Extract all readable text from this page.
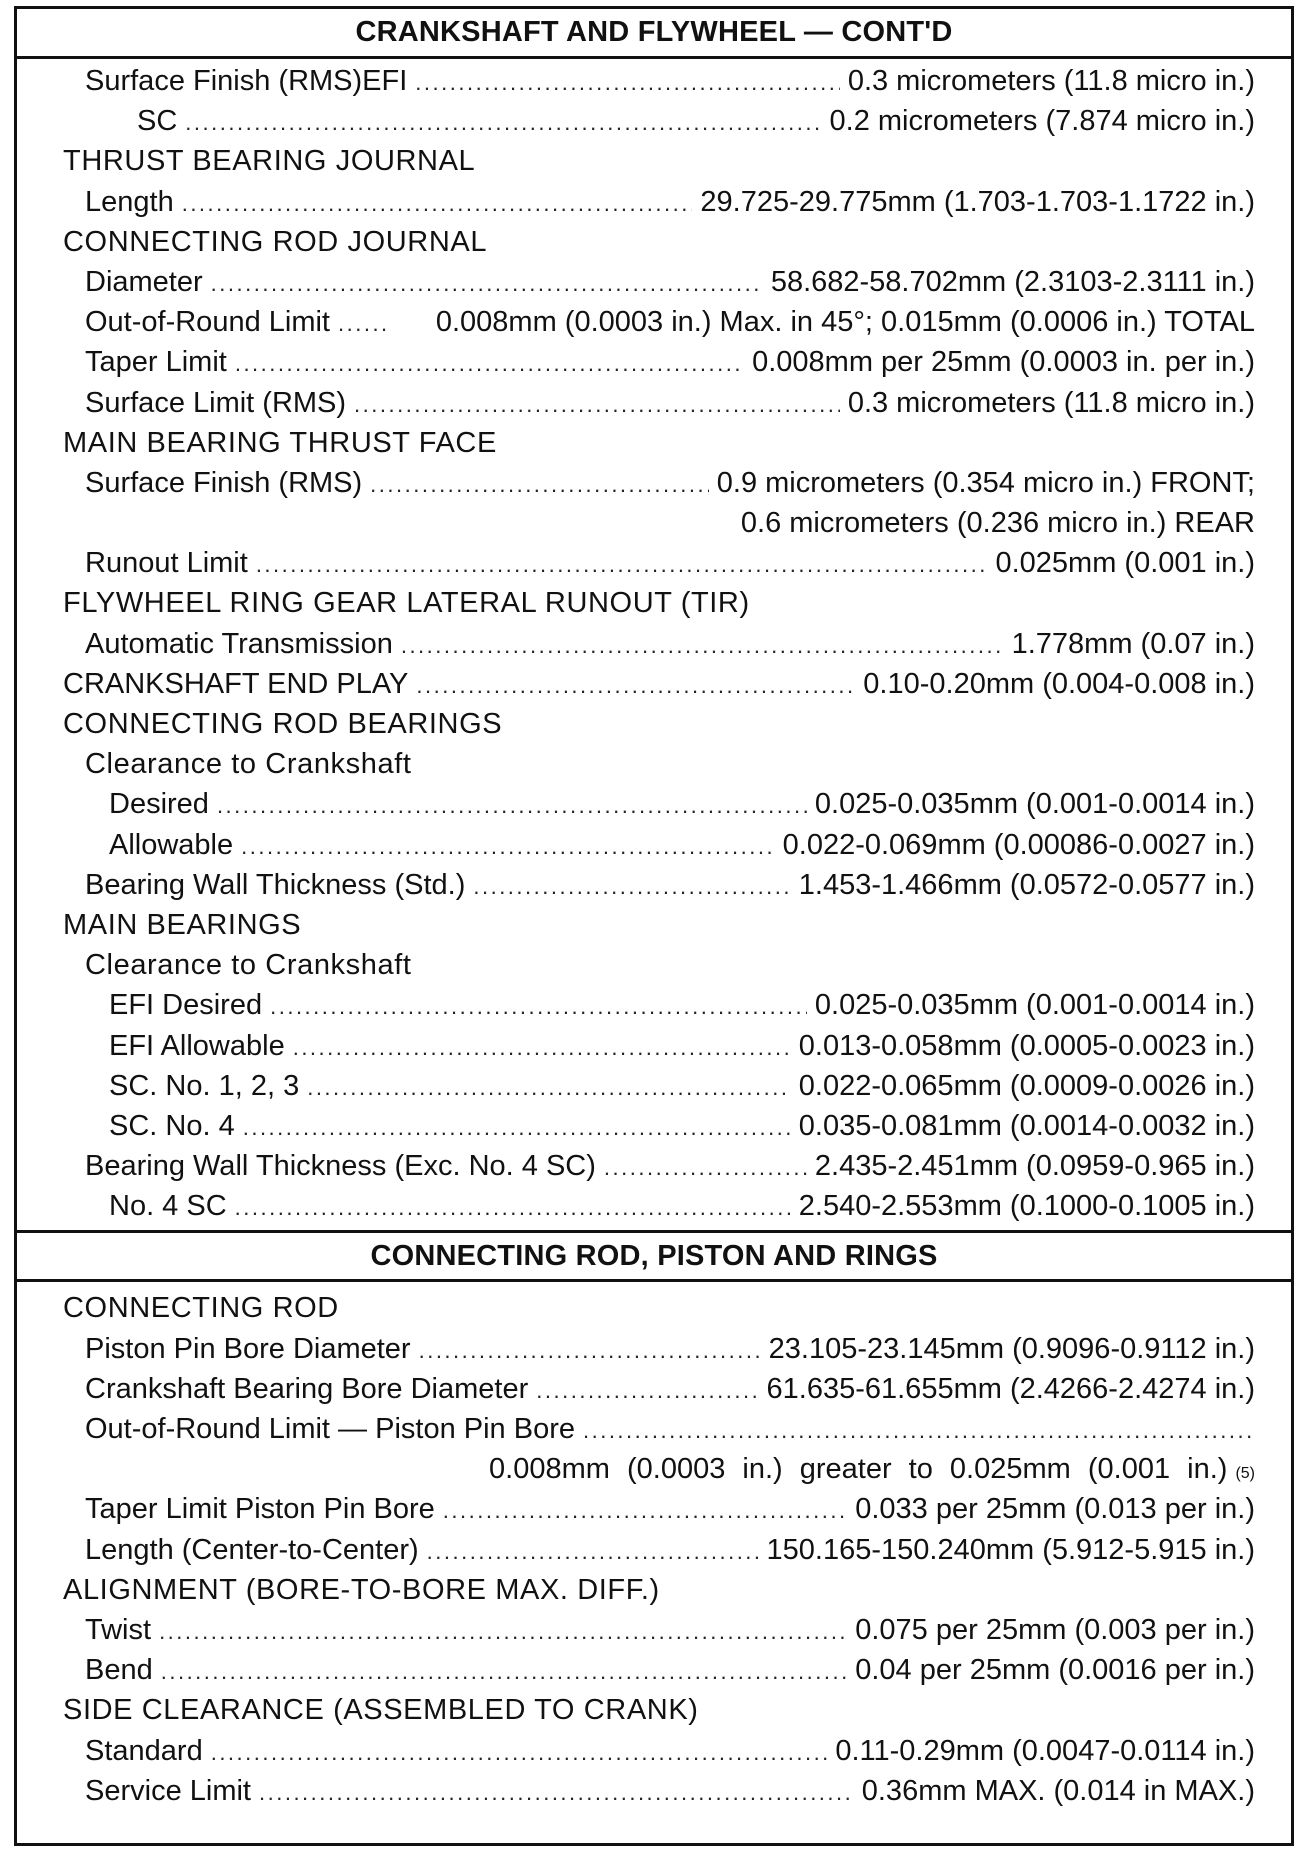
CRANKSHAFT AND FLYWHEEL — CONT'D
Surface Finish (RMS)EFI .....	0.3 micrometers (11.8 micro in.)
SC .....	0.2 micrometers (7.874 micro in.)
THRUST BEARING JOURNAL
Length .....	29.725-29.775mm (1.703-1.703-1.1722 in.)
CONNECTING ROD JOURNAL
Diameter .....	58.682-58.702mm (2.3103-2.3111 in.)
Out-of-Round Limit .....	0.008mm (0.0003 in.) Max. in 45°; 0.015mm (0.0006 in.) TOTAL
Taper Limit .....	0.008mm per 25mm (0.0003 in. per in.)
Surface Limit (RMS) .....	0.3 micrometers (11.8 micro in.)
MAIN BEARING THRUST FACE
Surface Finish (RMS) .....	0.9 micrometers (0.354 micro in.) FRONT;
0.6 micrometers (0.236 micro in.) REAR
Runout Limit .....	0.025mm (0.001 in.)
FLYWHEEL RING GEAR LATERAL RUNOUT (TIR)
Automatic Transmission .....	1.778mm (0.07 in.)
CRANKSHAFT END PLAY .....	0.10-0.20mm (0.004-0.008 in.)
CONNECTING ROD BEARINGS
Clearance to Crankshaft
Desired .....	0.025-0.035mm (0.001-0.0014 in.)
Allowable .....	0.022-0.069mm (0.00086-0.0027 in.)
Bearing Wall Thickness (Std.) .....	1.453-1.466mm (0.0572-0.0577 in.)
MAIN BEARINGS
Clearance to Crankshaft
EFI Desired .....	0.025-0.035mm (0.001-0.0014 in.)
EFI Allowable .....	0.013-0.058mm (0.0005-0.0023 in.)
SC. No. 1, 2, 3 .....	0.022-0.065mm (0.0009-0.0026 in.)
SC. No. 4 .....	0.035-0.081mm (0.0014-0.0032 in.)
Bearing Wall Thickness (Exc. No. 4 SC) .....	2.435-2.451mm (0.0959-0.965 in.)
No. 4 SC .....	2.540-2.553mm (0.1000-0.1005 in.)
CONNECTING ROD, PISTON AND RINGS
CONNECTING ROD
Piston Pin Bore Diameter .....	23.105-23.145mm (0.9096-0.9112 in.)
Crankshaft Bearing Bore Diameter .....	61.635-61.655mm (2.4266-2.4274 in.)
Out-of-Round Limit — Piston Pin Bore
.....
0.008mm (0.0003 in.) greater to 0.025mm (0.001 in.) (5)
Taper Limit Piston Pin Bore .....	0.033 per 25mm (0.013 per in.)
Length (Center-to-Center) .....	150.165-150.240mm (5.912-5.915 in.)
ALIGNMENT (BORE-TO-BORE MAX. DIFF.)
Twist .....	0.075 per 25mm (0.003 per in.)
Bend .....	0.04 per 25mm (0.0016 per in.)
SIDE CLEARANCE (ASSEMBLED TO CRANK)
Standard .....	0.11-0.29mm (0.0047-0.0114 in.)
Service Limit .....	0.36mm MAX. (0.014 in MAX.)
